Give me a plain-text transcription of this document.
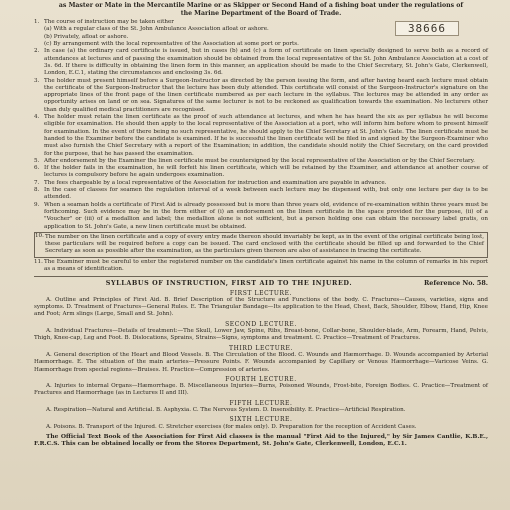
as Master or Mate in the Mercantile Marine or as Skipper or Second Hand of a fishing boat under the regulations of the Marine Department of the Board of Trade.
38666
1. The course of instruction may be taken either
(a) With a regular class of the St. John Ambulance Association afloat or ashore.
(b) Privately, afloat or ashore.
(c) By arrangement with the local representative of the Association at some port or ports.
2. In case (a) the ordinary card certificate is issued, but in cases (b) and (c) a form of certificate on linen specially designed to serve both as a record of attendances at lectures and of passing the examination should be obtained from the local representative of the St. John Ambulance Association at a cost of 3s. 6d. If there is difficulty in obtaining the linen form in this manner, an application should be made to the Chief Secretary, St. John's Gate, Clerkenwell, London, E.C.1, stating the circumstances and enclosing 3s. 6d.
3. The holder must present himself before a Surgeon-Instructor as directed by the person issuing the form, and after having heard each lecture must obtain the certificate of the Surgeon-Instructor that the lecture has been duly attended. This certificate will consist of the Surgeon-Instructor's signature on the appropriate lines of the front page of the linen certificate numbered as per each lecture in the syllabus. The lectures may be attended in any order as opportunity arises on land or on sea. Signatures of the same lecturer is not to be reckoned as qualification towards the examination. No lecturers other than duly qualified medical practitioners are recognised.
4. The holder must retain the linen certificate as the proof of such attendance at lectures, and when he has heard the six as per syllabus he will become eligible for examination. He should then apply to the local representative of the Association at a port, who will inform him before whom to present himself for examination. In the event of there being no such representative, he should apply to the Chief Secretary at St. John's Gate. The linen certificate must be handed to the Examiner before the candidate is examined. If he is successful the linen certificate will be filed in and signed by the Surgeon-Examiner who must also furnish the Chief Secretary with a report of the Examination; in addition, the candidate should notify the Chief Secretary, on the card provided for the purpose, that he has passed the examination.
5. After endorsement by the Examiner the linen certificate must be countersigned by the local representative of the Association or by the Chief Secretary.
6. If the holder fails in the examination, he will forfeit his linen certificate, which will be retained by the Examiner, and attendance at another course of lectures is compulsory before he again undergoes examination.
7. The fees chargeable by a local representative of the Association for instruction and examination are payable in advance.
8. In the case of classes for seamen the regulation interval of a week between each lecture may be dispensed with, but only one lecture per day is to be attended.
9. When a seaman holds a certificate of First Aid is already possessed but is more than three years old, evidence of re-examination within three years must be forthcoming. Such evidence may be in the form either of (i) an endorsement on the linen certificate in the space provided for the purpose, (ii) of a "Voucher" or (iii) of a medallion and label; the medallion alone is not sufficient, but a person holding one can obtain the necessary label gratis, on application to St. John's Gate, a new linen certificate must be obtained.
10. The number on the linen certificate and a copy of every entry made thereon should invariably be kept, as in the event of the original certificate being lost, these particulars will be required before a copy can be issued. The card enclosed with the certificate should be filled up and forwarded to the Chief Secretary as soon as possible after the examination, as the particulars given thereon are also of assistance in tracing the certificate.
11. The Examiner must be careful to enter the registered number on the candidate's linen certificate against his name in the column of remarks in his report as a means of identification.
SYLLABUS OF INSTRUCTION, FIRST AID TO THE INJURED.	Reference No. 58.
FIRST LECTURE.
A. Outline and Principles of First Aid. B. Brief Description of the Structure and Functions of the body. C. Fractures—Causes, varieties, signs and symptoms. D. Treatment of Fractures—General Rules. E. The Triangular Bandage—Its application to the Head, Chest, Back, Shoulder, Elbow, Hand, Hip, Knee and Foot; Arm slings (Large, Small and St. John).
SECOND LECTURE.
A. Individual Fractures—Details of treatment:—The Skull, Lower Jaw, Spine, Ribs, Breast-bone, Collar-bone, Shoulder-blade, Arm, Forearm, Hand, Pelvis, Thigh, Knee-cap, Leg and Foot. B. Dislocations, Sprains, Strains—Signs, symptoms and treatment. C. Practice—Treatment of Fractures.
THIRD LECTURE.
A. General description of the Heart and Blood Vessels. B. The Circulation of the Blood. C. Wounds and Hæmorrhage. D. Wounds accompanied by Arterial Hæmorrhage. E. The situation of the main arteries—Pressure Points. F. Wounds accompanied by Capillary or Venous Hæmorrhage—Varicose Veins. G. Hæmorrhage from special regions—Bruises. H. Practice—Compression of arteries.
FOURTH LECTURE.
A. Injuries to internal Organs—Hæmorrhage. B. Miscellaneous Injuries—Burns, Poisoned Wounds, Frost-bite, Foreign Bodies. C. Practice—Treatment of Fractures and Hæmorrhage (as in Lectures II and III).
FIFTH LECTURE.
A. Respiration—Natural and Artificial. B. Asphyxia. C. The Nervous System. D. Insensibility. E. Practice—Artificial Respiration.
SIXTH LECTURE.
A. Poisons. B. Transport of the Injured. C. Stretcher exercises (for males only). D. Preparation for the reception of Accident Cases.
The Official Text Book of the Association for First Aid classes is the manual "First Aid to the Injured," by Sir James Cantlie, K.B.E., F.R.C.S. This can be obtained locally or from the Stores Department, St. John's Gate, Clerkenwell, London, E.C.1.
